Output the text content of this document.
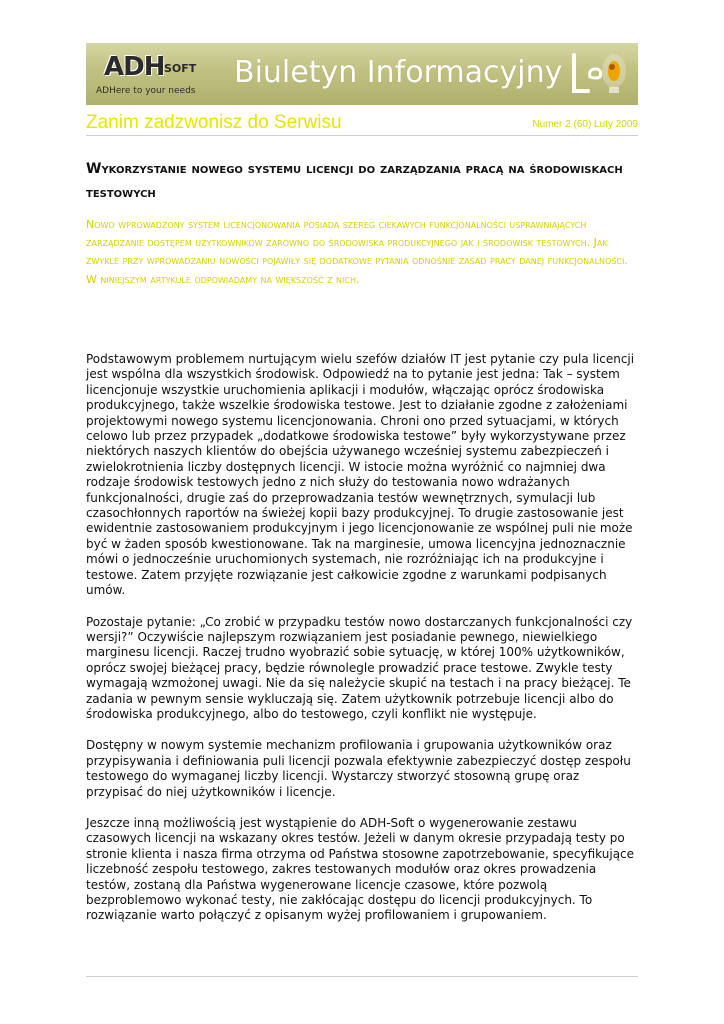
ADH SOFT
ADHere to your needs
Biuletyn Informacyjny
LeO
Zanim zadzwonisz do Serwisu	Numer 2 (60) Luty 2009
Wykorzystanie nowego systemu licencji do zarządzania pracą na środowiskach testowych
Nowo wprowadzony system licencjonowania posiada szereg ciekawych funkcjonalności usprawniających zarządzanie dostępem użytkowników zarówno do środowiska produkcyjnego jak i środowisk testowych. Jak zwykle przy wprowadzaniu nowości pojawiły się dodatkowe pytania odnośnie zasad pracy danej funkcjonalności. W niniejszym artykule odpowiadamy na większość z nich.

Podstawowym problemem nurtującym wielu szefów działów IT jest pytanie czy pula licencji jest wspólna dla wszystkich środowisk. Odpowiedź na to pytanie jest jedna: Tak – system licencjonuje wszystkie uruchomienia aplikacji i modułów, włączając oprócz środowiska produkcyjnego, także wszelkie środowiska testowe. Jest to działanie zgodne z założeniami projektowymi nowego systemu licencjonowania. Chroni ono przed sytuacjami, w których celowo lub przez przypadek „dodatkowe środowiska testowe” były wykorzystywane przez niektórych naszych klientów do obejścia używanego wcześniej systemu zabezpieczeń i zwielokrotnienia liczby dostępnych licencji. W istocie można wyróżnić co najmniej dwa rodzaje środowisk testowych jedno z nich służy do testowania nowo wdrażanych funkcjonalności, drugie zaś do przeprowadzania testów wewnętrznych, symulacji lub czasochłonnych raportów na świeżej kopii bazy produkcyjnej. To drugie zastosowanie jest ewidentnie zastosowaniem produkcyjnym i jego licencjonowanie ze wspólnej puli nie może być w żaden sposób kwestionowane. Tak na marginesie, umowa licencyjna jednoznacznie mówi o jednocześnie uruchomionych systemach, nie rozróżniając ich na produkcyjne i testowe. Zatem przyjęte rozwiązanie jest całkowicie zgodne z warunkami podpisanych umów.

Pozostaje pytanie: „Co zrobić w przypadku testów nowo dostarczanych funkcjonalności czy wersji?” Oczywiście najlepszym rozwiązaniem jest posiadanie pewnego, niewielkiego marginesu licencji. Raczej trudno wyobrazić sobie sytuację, w której 100% użytkowników, oprócz swojej bieżącej pracy, będzie równolegle prowadzić prace testowe. Zwykle testy wymagają wzmożonej uwagi. Nie da się należycie skupić na testach i na pracy bieżącej. Te zadania w pewnym sensie wykluczają się. Zatem użytkownik potrzebuje licencji albo do środowiska produkcyjnego, albo do testowego, czyli konflikt nie występuje.

Dostępny w nowym systemie mechanizm profilowania i grupowania użytkowników oraz przypisywania i definiowania puli licencji pozwala efektywnie zabezpieczyć dostęp zespołu testowego do wymaganej liczby licencji. Wystarczy stworzyć stosowną grupę oraz przypisać do niej użytkowników i licencje.

Jeszcze inną możliwością jest wystąpienie do ADH-Soft o wygenerowanie zestawu czasowych licencji na wskazany okres testów. Jeżeli w danym okresie przypadają testy po stronie klienta i nasza firma otrzyma od Państwa stosowne zapotrzebowanie, specyfikujące liczebność zespołu testowego, zakres testowanych modułów oraz okres prowadzenia testów, zostaną dla Państwa wygenerowane licencje czasowe, które pozwolą bezproblemowo wykonać testy, nie zakłócając dostępu do licencji produkcyjnych. To rozwiązanie warto połączyć z opisanym wyżej profilowaniem i grupowaniem.
